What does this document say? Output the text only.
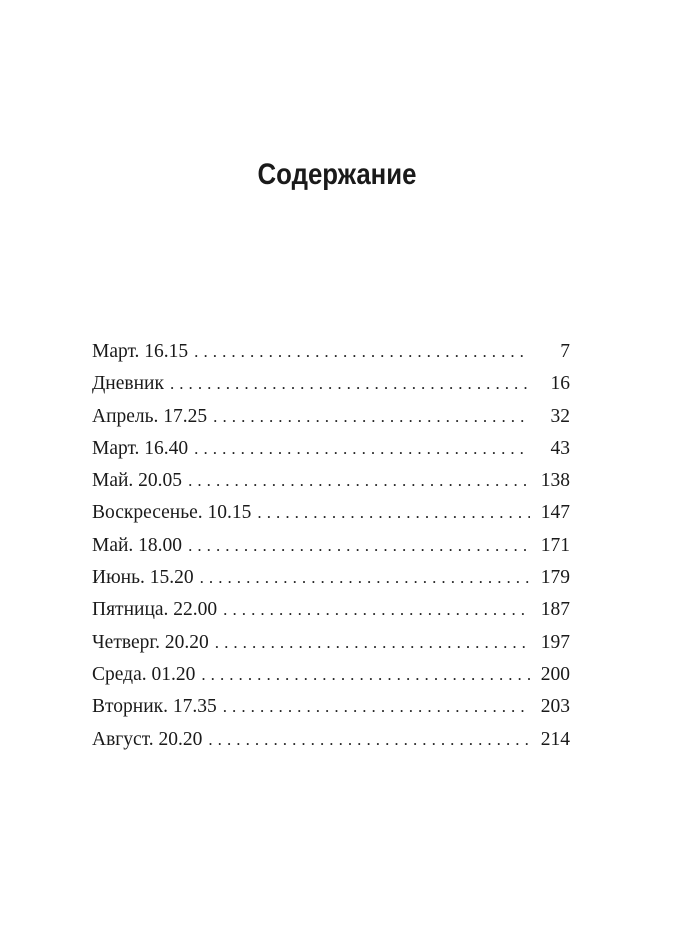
Содержание
Март. 16.15 . . .	7
Дневник . . .	16
Апрель. 17.25 . . .	32
Март. 16.40 . . .	43
Май. 20.05 . . .	138
Воскресенье. 10.15 . . .	147
Май. 18.00 . . .	171
Июнь. 15.20 . . .	179
Пятница. 22.00 . . .	187
Четверг. 20.20 . . .	197
Среда. 01.20 . . .	200
Вторник. 17.35 . . .	203
Август. 20.20 . . .	214
